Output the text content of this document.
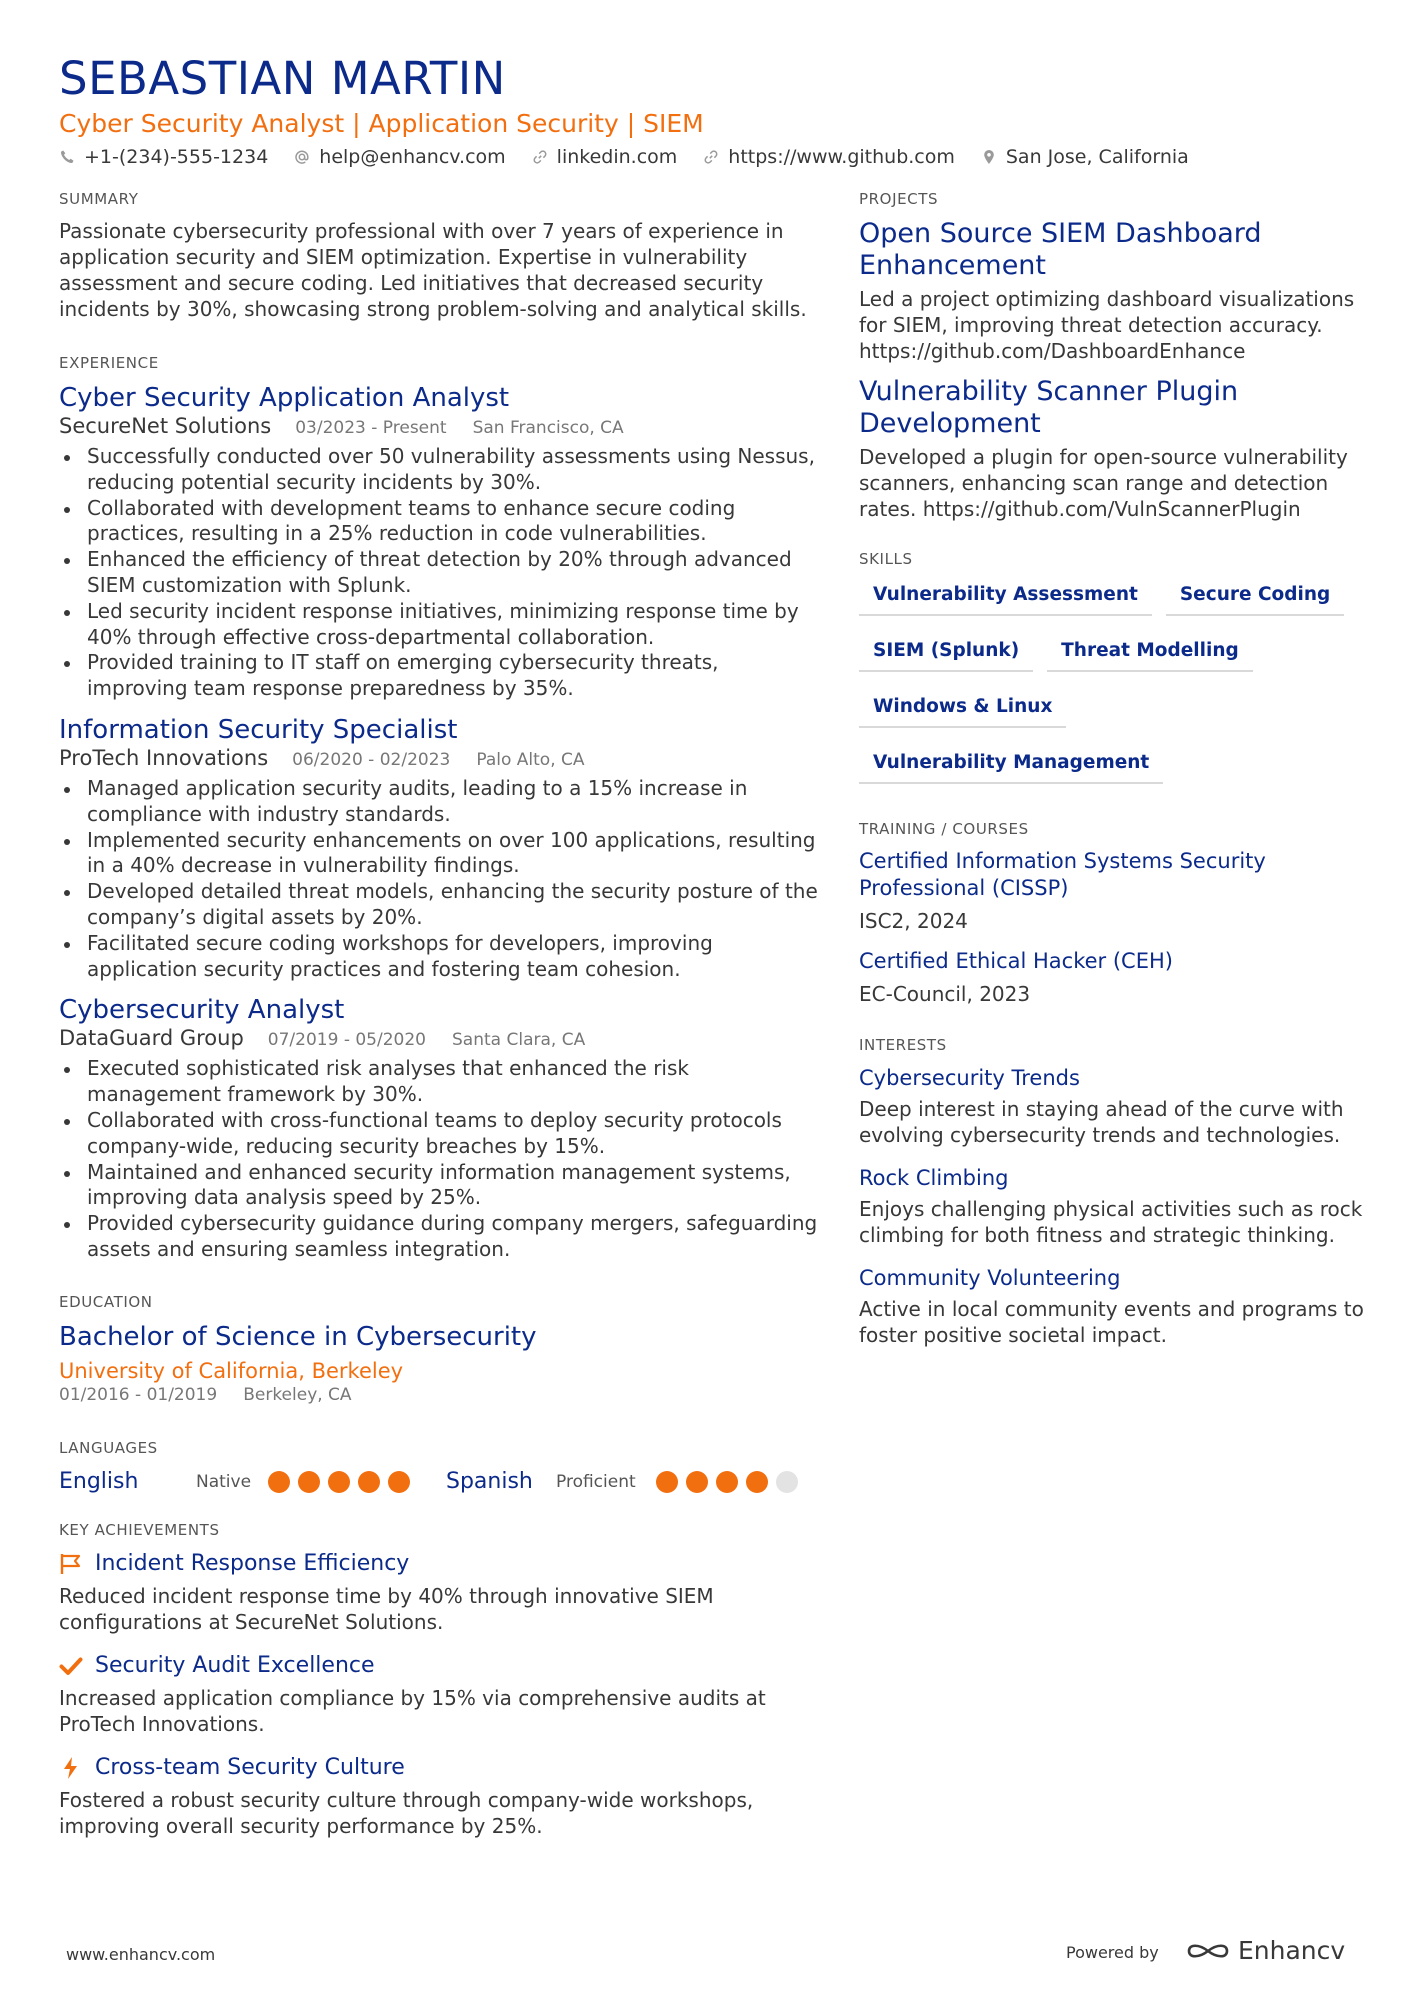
SEBASTIAN MARTIN
Cyber Security Analyst | Application Security | SIEM
+1-(234)-555-1234	help@enhancv.com	linkedin.com	https://www.github.com	San Jose, California
SUMMARY
Passionate cybersecurity professional with over 7 years of experience in application security and SIEM optimization. Expertise in vulnerability assessment and secure coding. Led initiatives that decreased security incidents by 30%, showcasing strong problem-solving and analytical skills.
EXPERIENCE
Cyber Security Application Analyst
SecureNet Solutions 03/2023 - Present San Francisco, CA
Successfully conducted over 50 vulnerability assessments using Nessus, reducing potential security incidents by 30%.
Collaborated with development teams to enhance secure coding practices, resulting in a 25% reduction in code vulnerabilities.
Enhanced the efficiency of threat detection by 20% through advanced SIEM customization with Splunk.
Led security incident response initiatives, minimizing response time by 40% through effective cross-departmental collaboration.
Provided training to IT staff on emerging cybersecurity threats, improving team response preparedness by 35%.
Information Security Specialist
ProTech Innovations 06/2020 - 02/2023 Palo Alto, CA
Managed application security audits, leading to a 15% increase in compliance with industry standards.
Implemented security enhancements on over 100 applications, resulting in a 40% decrease in vulnerability findings.
Developed detailed threat models, enhancing the security posture of the company’s digital assets by 20%.
Facilitated secure coding workshops for developers, improving application security practices and fostering team cohesion.
Cybersecurity Analyst
DataGuard Group 07/2019 - 05/2020 Santa Clara, CA
Executed sophisticated risk analyses that enhanced the risk management framework by 30%.
Collaborated with cross-functional teams to deploy security protocols company-wide, reducing security breaches by 15%.
Maintained and enhanced security information management systems, improving data analysis speed by 25%.
Provided cybersecurity guidance during company mergers, safeguarding assets and ensuring seamless integration.
EDUCATION
Bachelor of Science in Cybersecurity
University of California, Berkeley
01/2016 - 01/2019 Berkeley, CA
LANGUAGES
English	Native	Spanish	Proficient
KEY ACHIEVEMENTS
Incident Response Efficiency
Reduced incident response time by 40% through innovative SIEM configurations at SecureNet Solutions.
Security Audit Excellence
Increased application compliance by 15% via comprehensive audits at ProTech Innovations.
Cross-team Security Culture
Fostered a robust security culture through company-wide workshops, improving overall security performance by 25%.
PROJECTS
Open Source SIEM Dashboard Enhancement
Led a project optimizing dashboard visualizations for SIEM, improving threat detection accuracy. https://github.com/DashboardEnhance
Vulnerability Scanner Plugin Development
Developed a plugin for open-source vulnerability scanners, enhancing scan range and detection rates. https://github.com/VulnScannerPlugin
SKILLS
Vulnerability Assessment	Secure Coding
SIEM (Splunk)	Threat Modelling
Windows & Linux
Vulnerability Management
TRAINING / COURSES
Certified Information Systems Security Professional (CISSP)
ISC2, 2024
Certified Ethical Hacker (CEH)
EC-Council, 2023
INTERESTS
Cybersecurity Trends
Deep interest in staying ahead of the curve with evolving cybersecurity trends and technologies.
Rock Climbing
Enjoys challenging physical activities such as rock climbing for both fitness and strategic thinking.
Community Volunteering
Active in local community events and programs to foster positive societal impact.
www.enhancv.com	Powered by	Enhancv
